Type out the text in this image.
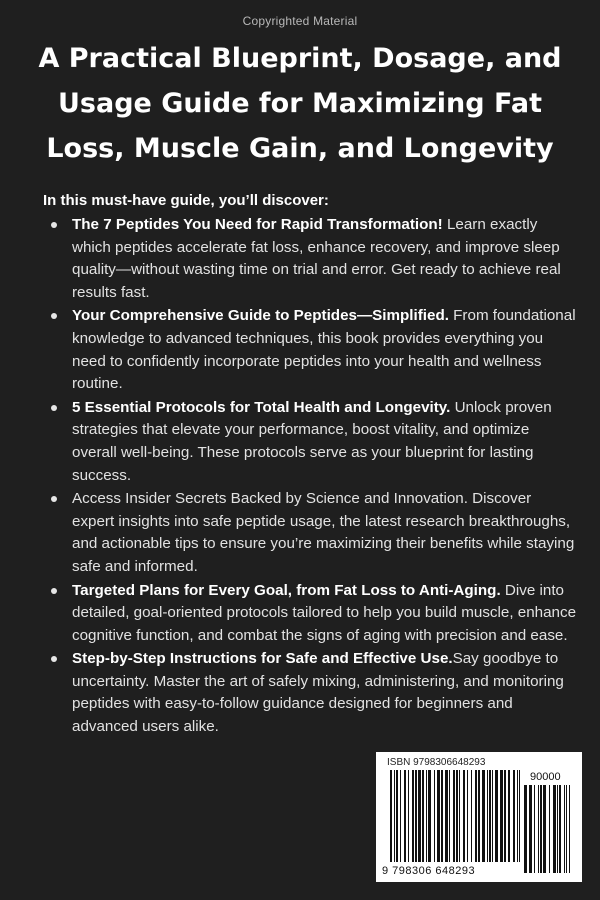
Copyrighted Material
A Practical Blueprint, Dosage, and Usage Guide for Maximizing Fat Loss, Muscle Gain, and Longevity
In this must-have guide, you’ll discover:
The 7 Peptides You Need for Rapid Transformation! Learn exactly which peptides accelerate fat loss, enhance recovery, and improve sleep quality—without wasting time on trial and error. Get ready to achieve real results fast.
Your Comprehensive Guide to Peptides—Simplified. From foundational knowledge to advanced techniques, this book provides everything you need to confidently incorporate peptides into your health and wellness routine.
5 Essential Protocols for Total Health and Longevity. Unlock proven strategies that elevate your performance, boost vitality, and optimize overall well-being. These protocols serve as your blueprint for lasting success.
Access Insider Secrets Backed by Science and Innovation. Discover expert insights into safe peptide usage, the latest research breakthroughs, and actionable tips to ensure you’re maximizing their benefits while staying safe and informed.
Targeted Plans for Every Goal, from Fat Loss to Anti-Aging. Dive into detailed, goal-oriented protocols tailored to help you build muscle, enhance cognitive function, and combat the signs of aging with precision and ease.
Step-by-Step Instructions for Safe and Effective Use.Say goodbye to uncertainty. Master the art of safely mixing, administering, and monitoring peptides with easy-to-follow guidance designed for beginners and advanced users alike.
ISBN 9798306648293
90000
9 798306 648293
